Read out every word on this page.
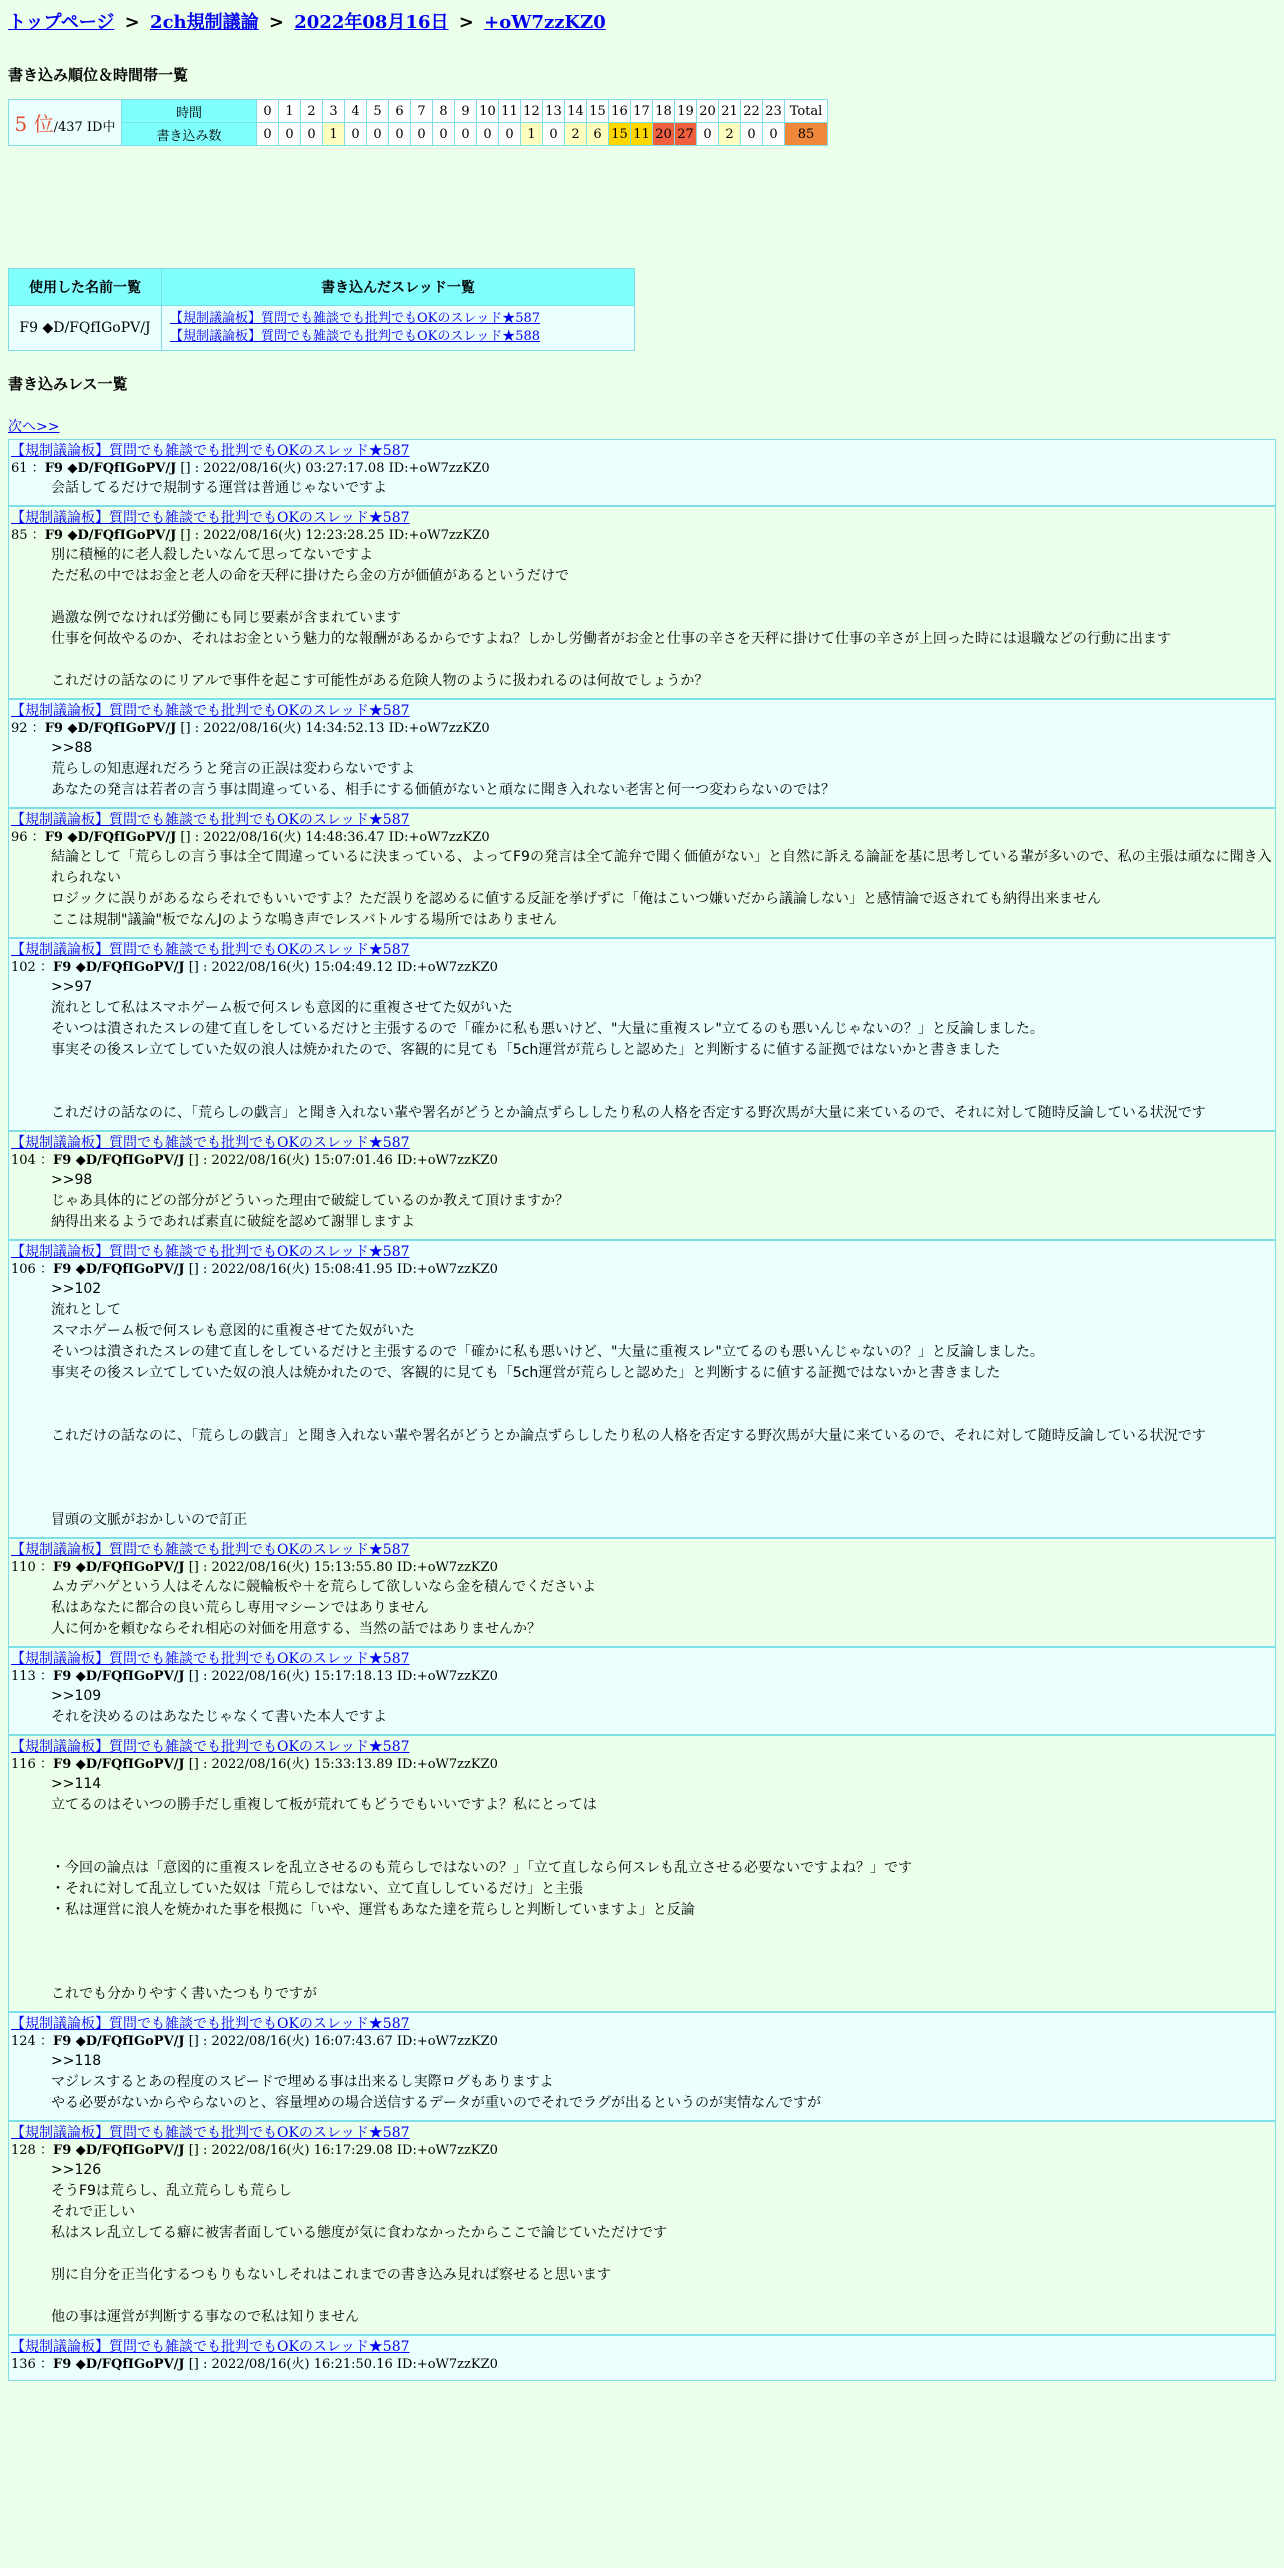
トップページ > 2ch規制議論 > 2022年08月16日 > +oW7zzKZ0
書き込み順位＆時間帯一覧
5 位/437 ID中	時間	0	1	2	3	4	5	6	7	8	9	10	11	12	13	14	15	16	17	18	19	20	21	22	23	Total
	書き込み数	0	0	0	1	0	0	0	0	0	0	0	0	1	0	2	6	15	11	20	27	0	2	0	0	85
使用した名前一覧	書き込んだスレッド一覧
F9 ◆D/FQfIGoPV/J	【規制議論板】質問でも雑談でも批判でもOKのスレッド★587
【規制議論板】質問でも雑談でも批判でもOKのスレッド★588
書き込みレス一覧
次へ>>
【規制議論板】質問でも雑談でも批判でもOKのスレッド★587
61 ：F9 ◆D/FQfIGoPV/J [] : 2022/08/16(火) 03:27:17.08 ID:+oW7zzKZ0
会話してるだけで規制する運営は普通じゃないですよ
【規制議論板】質問でも雑談でも批判でもOKのスレッド★587
85 ：F9 ◆D/FQfIGoPV/J [] : 2022/08/16(火) 12:23:28.25 ID:+oW7zzKZ0
別に積極的に老人殺したいなんて思ってないですよ
ただ私の中ではお金と老人の命を天秤に掛けたら金の方が価値があるというだけで

過激な例でなければ労働にも同じ要素が含まれています
仕事を何故やるのか、それはお金という魅力的な報酬があるからですよね？しかし労働者がお金と仕事の辛さを天秤に掛けて仕事の辛さが上回った時には退職などの行動に出ます

これだけの話なのにリアルで事件を起こす可能性がある危険人物のように扱われるのは何故でしょうか？
【規制議論板】質問でも雑談でも批判でもOKのスレッド★587
92 ：F9 ◆D/FQfIGoPV/J [] : 2022/08/16(火) 14:34:52.13 ID:+oW7zzKZ0
>>88
荒らしの知恵遅れだろうと発言の正誤は変わらないですよ
あなたの発言は若者の言う事は間違っている、相手にする価値がないと頑なに聞き入れない老害と何一つ変わらないのでは？
【規制議論板】質問でも雑談でも批判でもOKのスレッド★587
96 ：F9 ◆D/FQfIGoPV/J [] : 2022/08/16(火) 14:48:36.47 ID:+oW7zzKZ0
結論として「荒らしの言う事は全て間違っているに決まっている、よってF9の発言は全て詭弁で聞く価値がない」と自然に訴える論証を基に思考している輩が多いので、私の主張は頑なに聞き入れられない
ロジックに誤りがあるならそれでもいいですよ？ただ誤りを認めるに値する反証を挙げずに「俺はこいつ嫌いだから議論しない」と感情論で返されても納得出来ません
ここは規制"議論"板でなんJのような鳴き声でレスバトルする場所ではありません
【規制議論板】質問でも雑談でも批判でもOKのスレッド★587
102 ：F9 ◆D/FQfIGoPV/J [] : 2022/08/16(火) 15:04:49.12 ID:+oW7zzKZ0
>>97
流れとして私はスマホゲーム板で何スレも意図的に重複させてた奴がいた
そいつは潰されたスレの建て直しをしているだけと主張するので「確かに私も悪いけど、"大量に重複スレ"立てるのも悪いんじゃないの？」と反論しました。
事実その後スレ立てしていた奴の浪人は焼かれたので、客観的に見ても「5ch運営が荒らしと認めた」と判断するに値する証拠ではないかと書きました

これだけの話なのに、「荒らしの戯言」と聞き入れない輩や署名がどうとか論点ずらししたり私の人格を否定する野次馬が大量に来ているので、それに対して随時反論している状況です
【規制議論板】質問でも雑談でも批判でもOKのスレッド★587
104 ：F9 ◆D/FQfIGoPV/J [] : 2022/08/16(火) 15:07:01.46 ID:+oW7zzKZ0
>>98
じゃあ具体的にどの部分がどういった理由で破綻しているのか教えて頂けますか？
納得出来るようであれば素直に破綻を認めて謝罪しますよ
【規制議論板】質問でも雑談でも批判でもOKのスレッド★587
106 ：F9 ◆D/FQfIGoPV/J [] : 2022/08/16(火) 15:08:41.95 ID:+oW7zzKZ0
>>102
流れとして
スマホゲーム板で何スレも意図的に重複させてた奴がいた
そいつは潰されたスレの建て直しをしているだけと主張するので「確かに私も悪いけど、"大量に重複スレ"立てるのも悪いんじゃないの？」と反論しました。
事実その後スレ立てしていた奴の浪人は焼かれたので、客観的に見ても「5ch運営が荒らしと認めた」と判断するに値する証拠ではないかと書きました

これだけの話なのに、「荒らしの戯言」と聞き入れない輩や署名がどうとか論点ずらししたり私の人格を否定する野次馬が大量に来ているので、それに対して随時反論している状況です

冒頭の文脈がおかしいので訂正
【規制議論板】質問でも雑談でも批判でもOKのスレッド★587
110 ：F9 ◆D/FQfIGoPV/J [] : 2022/08/16(火) 15:13:55.80 ID:+oW7zzKZ0
ムカデハゲという人はそんなに競輪板や＋を荒らして欲しいなら金を積んでくださいよ
私はあなたに都合の良い荒らし専用マシーンではありません
人に何かを頼むならそれ相応の対価を用意する、当然の話ではありませんか？
【規制議論板】質問でも雑談でも批判でもOKのスレッド★587
113 ：F9 ◆D/FQfIGoPV/J [] : 2022/08/16(火) 15:17:18.13 ID:+oW7zzKZ0
>>109
それを決めるのはあなたじゃなくて書いた本人ですよ
【規制議論板】質問でも雑談でも批判でもOKのスレッド★587
116 ：F9 ◆D/FQfIGoPV/J [] : 2022/08/16(火) 15:33:13.89 ID:+oW7zzKZ0
>>114
立てるのはそいつの勝手だし重複して板が荒れてもどうでもいいですよ？私にとっては

・今回の論点は「意図的に重複スレを乱立させるのも荒らしではないの？」「立て直しなら何スレも乱立させる必要ないですよね？」です
・それに対して乱立していた奴は「荒らしではない、立て直ししているだけ」と主張
・私は運営に浪人を焼かれた事を根拠に「いや、運営もあなた達を荒らしと判断していますよ」と反論

これでも分かりやすく書いたつもりですが
【規制議論板】質問でも雑談でも批判でもOKのスレッド★587
124 ：F9 ◆D/FQfIGoPV/J [] : 2022/08/16(火) 16:07:43.67 ID:+oW7zzKZ0
>>118
マジレスするとあの程度のスピードで埋める事は出来るし実際ログもありますよ
やる必要がないからやらないのと、容量埋めの場合送信するデータが重いのでそれでラグが出るというのが実情なんですが
【規制議論板】質問でも雑談でも批判でもOKのスレッド★587
128 ：F9 ◆D/FQfIGoPV/J [] : 2022/08/16(火) 16:17:29.08 ID:+oW7zzKZ0
>>126
そうF9は荒らし、乱立荒らしも荒らし
それで正しい
私はスレ乱立してる癖に被害者面している態度が気に食わなかったからここで論じていただけです

別に自分を正当化するつもりもないしそれはこれまでの書き込み見れば察せると思います

他の事は運営が判断する事なので私は知りません
【規制議論板】質問でも雑談でも批判でもOKのスレッド★587
136 ：F9 ◆D/FQfIGoPV/J [] : 2022/08/16(火) 16:21:50.16 ID:+oW7zzKZ0
